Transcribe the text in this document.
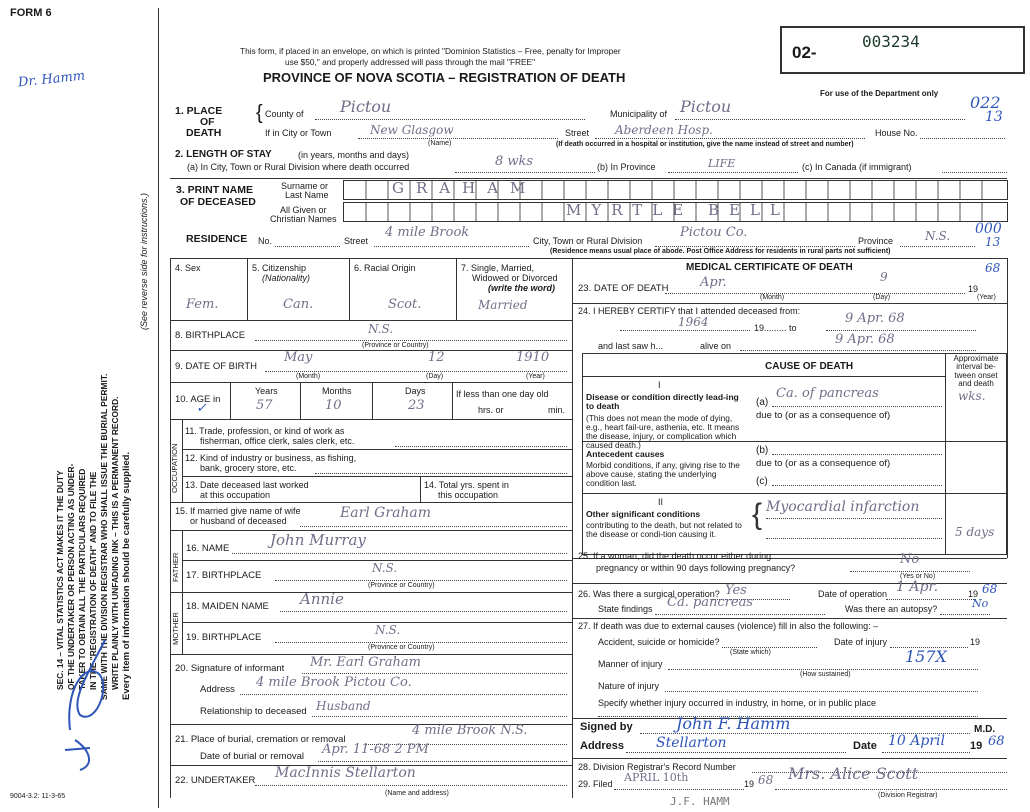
FORM 6
Dr. Hamm
This form, if placed in an envelope, on which is printed "Dominion Statistics – Free, penalty for Improper
use $50," and properly addressed will pass through the mail "FREE"
PROVINCE OF NOVA SCOTIA – REGISTRATION OF DEATH
02-
003234
For use of the Department only 022
13
SEC. 14 – VITAL STATISTICS ACT MAKES IT THE DUTY OF THE UNDERTAKER OR PERSON ACTING AS UNDER- TAKER TO OBTAIN ALL THE PARTICULARS REQUIRED IN THE "REGISTRATION OF DEATH" AND TO FILE THE SAME WITH THE DIVISION REGISTRAR WHO SHALL ISSUE THE BURIAL PERMIT. WRITE PLAINLY WITH UNFADING INK – THIS IS A PERMANENT RECORD. Every item of information should be carefully supplied.
(See reverse side for instructions.)
1. PLACE
OF
DEATH
{ County of Pictou	Municipality of Pictou
If in City or Town	New Glasgow
(Name)
Street Aberdeen Hosp.	House No.
(If death occurred in a hospital or institution, give the name instead of street and number)
2. LENGTH OF STAY	(in years, months and days)
(a) In City, Town or Rural Division where death occurred	8 wks	(b) In Province	LIFE	(c) In Canada (if immigrant)
3. PRINT NAME
OF DECEASED
Surname or
Last Name
All Given or
Christian Names
GRAHAM
MYRTLE BELL
RESIDENCE No.	Street
4 mile Brook
City, Town or Rural Division
Pictou Co.
Province	N.S. 000
13
(Residence means usual place of abode. Post Office Address for residents in rural parts not sufficient)
4. Sex
Fem.
5. Citizenship
(Nationality)
Can.
6. Racial Origin
Scot.
7. Single, Married,
Widowed or Divorced
(write the word)
Married
8. BIRTHPLACE	N.S.
(Province or Country)
9. DATE OF BIRTH
May	12	1910
(Month)	(Day)	(Year)
10. AGE in
✓
Years	Months	Days
57	10	23
If less than one day old
hrs. or	min.
OCCUPATION
11. Trade, profession, or kind of work as
fisherman, office clerk, sales clerk, etc.
12. Kind of industry or business, as fishing,
bank, grocery store, etc.
13. Date deceased last worked
at this occupation
14. Total yrs. spent in
this occupation
15. If married give name of wife
or husband of deceased	Earl Graham
FATHER
16. NAME	John Murray
17. BIRTHPLACE
N.S.
(Province or Country)
MOTHER
18. MAIDEN NAME Annie
19. BIRTHPLACE
N.S.
(Province or Country)
20. Signature of informant Mr. Earl Graham
Address 4 mile Brook Pictou Co.
Relationship to deceased Husband
21. Place of burial, cremation or removal
4 mile Brook N.S.
Date of burial or removal Apr. 11-68 2 PM
22. UNDERTAKER MacInnis Stellarton
(Name and address)
9004-3.2: 11-3-65
MEDICAL CERTIFICATE OF DEATH	68
23. DATE OF DEATH Apr.	9
19
(Month)	(Day)	(Year)
24. I HEREBY CERTIFY that I attended deceased from:
1964	19......... to
9 Apr. 68
and last saw h...	alive on	9 Apr. 68
CAUSE OF DEATH
Approximate interval be-tween onset and death
I
Disease or condition directly lead-ing to death
(This does not mean the mode of dying, e.g., heart fail-ure, asthenia, etc. It means the disease, injury, or complication which caused death.)
(a)
Ca. of pancreas	wks.
due to (or as a consequence of)
Antecedent causes
Morbid conditions, if any, giving rise to the above cause, stating the underlying condition last.
(b)
due to (or as a consequence of)
(c)
II
Other significant conditions
contributing to the death, but not related to the disease or condi-tion causing it.
{ Myocardial infarction
5 days
25. If a woman, did the death occur either during
pregnancy or within 90 days following pregnancy?
No
(Yes or No)
26. Was there a surgical operation? Yes	Date of operation 1 Apr.	19 68
State findings Ca. pancreas	Was there an autopsy?	No
27. If death was due to external causes (violence) fill in also the following: –
Accident, suicide or homicide?	Date of injury	19
(State which)
Manner of injury	157X
(How sustained)
Nature of injury
Specify whether injury occurred in industry, in home, or in public place
Signed by	John F. Hamm	M.D.
Address Stellarton	Date 10 April 19 68
28. Division Registrar's Record Number
29. Filed APRIL 10th	19 68 Mrs. Alice Scott
(Division Registrar)
J.F. HAMM
